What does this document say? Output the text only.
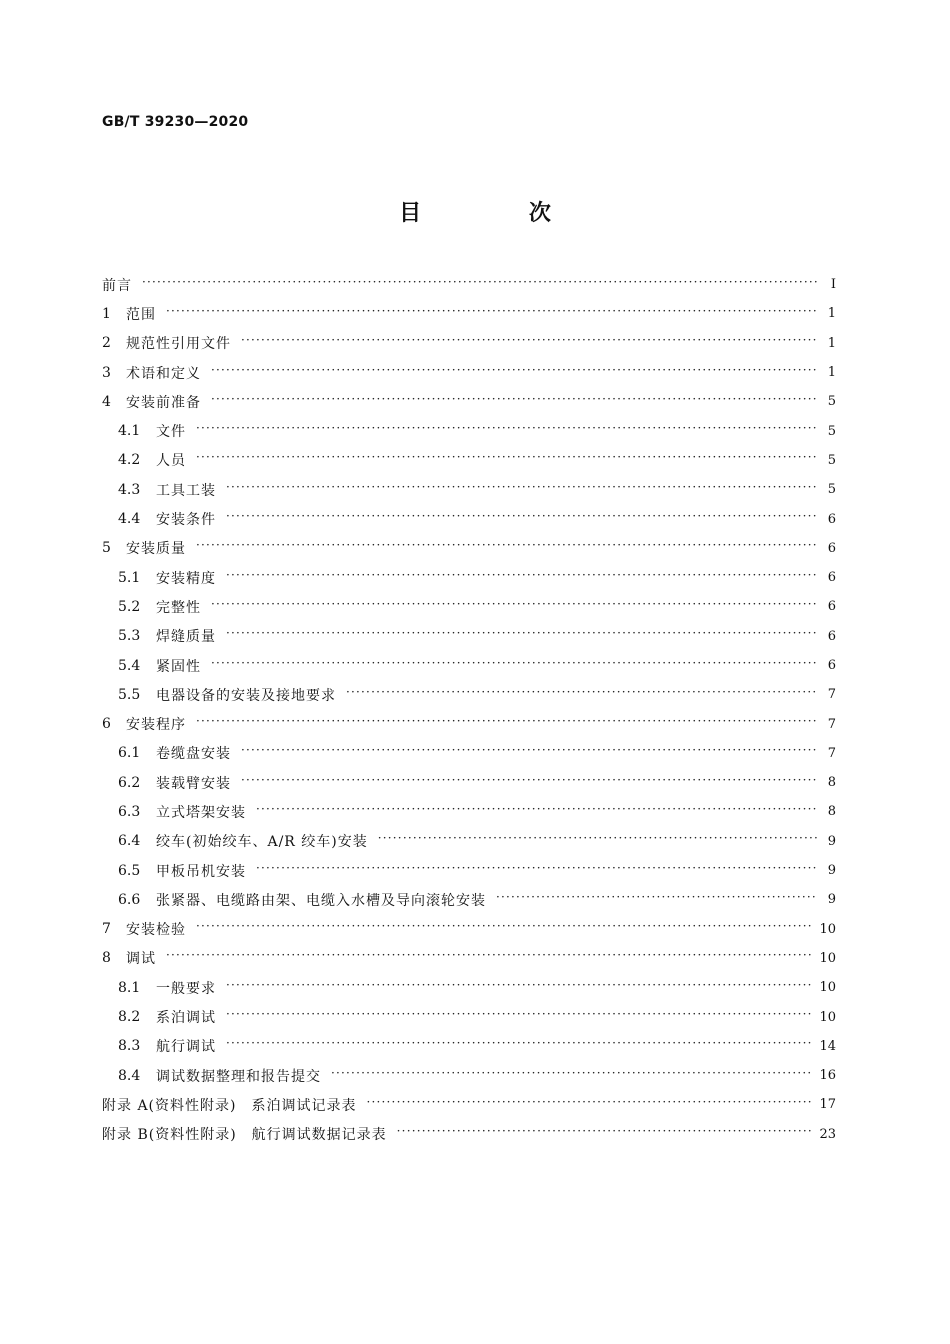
GB/T 39230—2020
目 次
前言 ·····	Ⅰ
1	范围 ·····	1
2	规范性引用文件 ·····	1
3	术语和定义 ·····	1
4	安装前准备 ·····	5
4.1	文件 ·····	5
4.2	人员 ·····	5
4.3	工具工装 ·····	5
4.4	安装条件 ·····	6
5	安装质量 ·····	6
5.1	安装精度 ·····	6
5.2	完整性 ·····	6
5.3	焊缝质量 ·····	6
5.4	紧固性 ·····	6
5.5	电器设备的安装及接地要求 ·····	7
6	安装程序 ·····	7
6.1	卷缆盘安装 ·····	7
6.2	装载臂安装 ·····	8
6.3	立式塔架安装 ·····	8
6.4	绞车(初始绞车、A/R 绞车)安装 ·····	9
6.5	甲板吊机安装 ·····	9
6.6	张紧器、电缆路由架、电缆入水槽及导向滚轮安装 ·····	9
7	安装检验 ·····	10
8	调试 ·····	10
8.1	一般要求 ·····	10
8.2	系泊调试 ·····	10
8.3	航行调试 ·····	14
8.4	调试数据整理和报告提交 ·····	16
附录 A(资料性附录)　系泊调试记录表 ·····	17
附录 B(资料性附录)　航行调试数据记录表 ·····	23
